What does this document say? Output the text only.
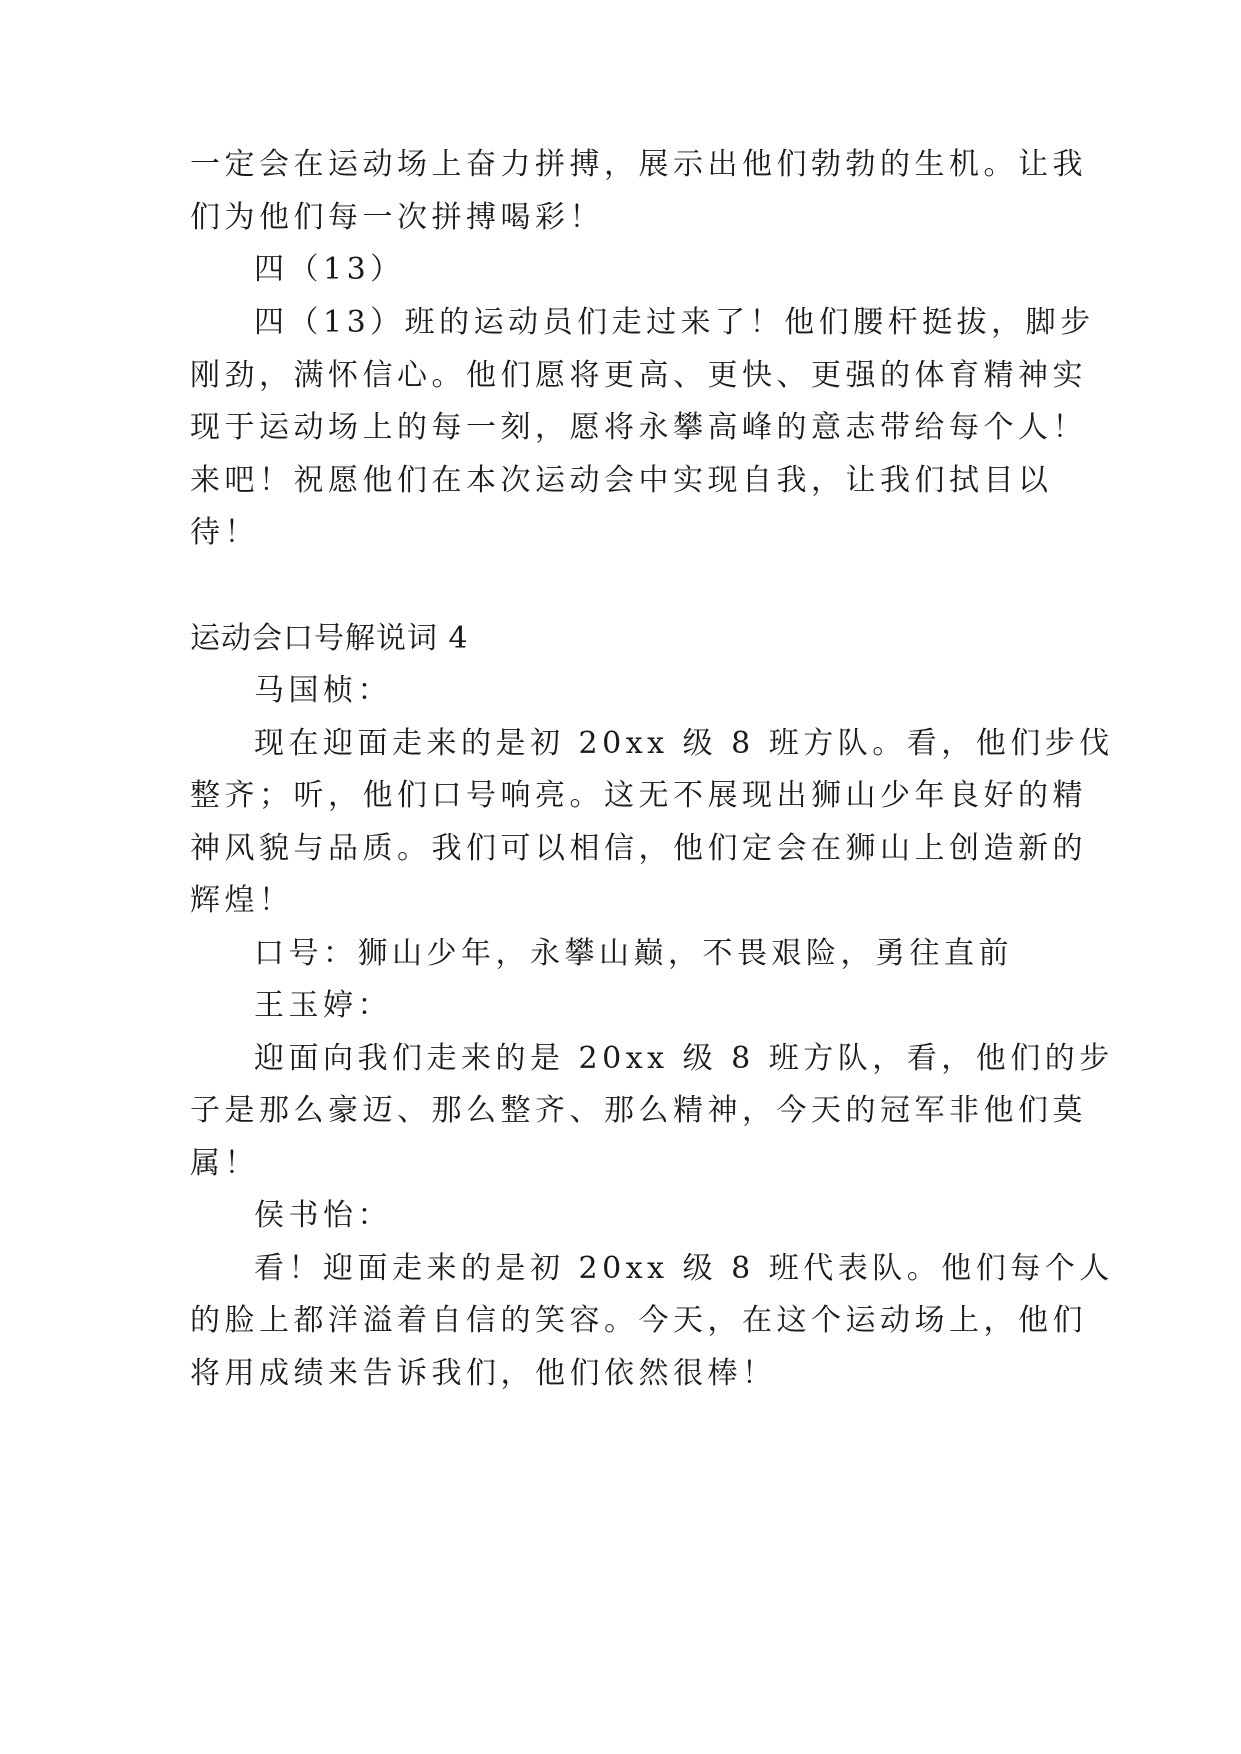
一定会在运动场上奋力拼搏，展示出他们勃勃的生机。让我
们为他们每一次拼搏喝彩！
四（13）
四（13）班的运动员们走过来了！他们腰杆挺拔，脚步
刚劲，满怀信心。他们愿将更高、更快、更强的体育精神实
现于运动场上的每一刻，愿将永攀高峰的意志带给每个人！
来吧！祝愿他们在本次运动会中实现自我，让我们拭目以
待！
运动会口号解说词 4
马国桢：
现在迎面走来的是初 20xx 级 8 班方队。看，他们步伐
整齐；听，他们口号响亮。这无不展现出狮山少年良好的精
神风貌与品质。我们可以相信，他们定会在狮山上创造新的
辉煌！
口号：狮山少年，永攀山巅，不畏艰险，勇往直前
王玉婷：
迎面向我们走来的是 20xx 级 8 班方队，看，他们的步
子是那么豪迈、那么整齐、那么精神，今天的冠军非他们莫
属！
侯书怡：
看！迎面走来的是初 20xx 级 8 班代表队。他们每个人
的脸上都洋溢着自信的笑容。今天，在这个运动场上，他们
将用成绩来告诉我们，他们依然很棒！
